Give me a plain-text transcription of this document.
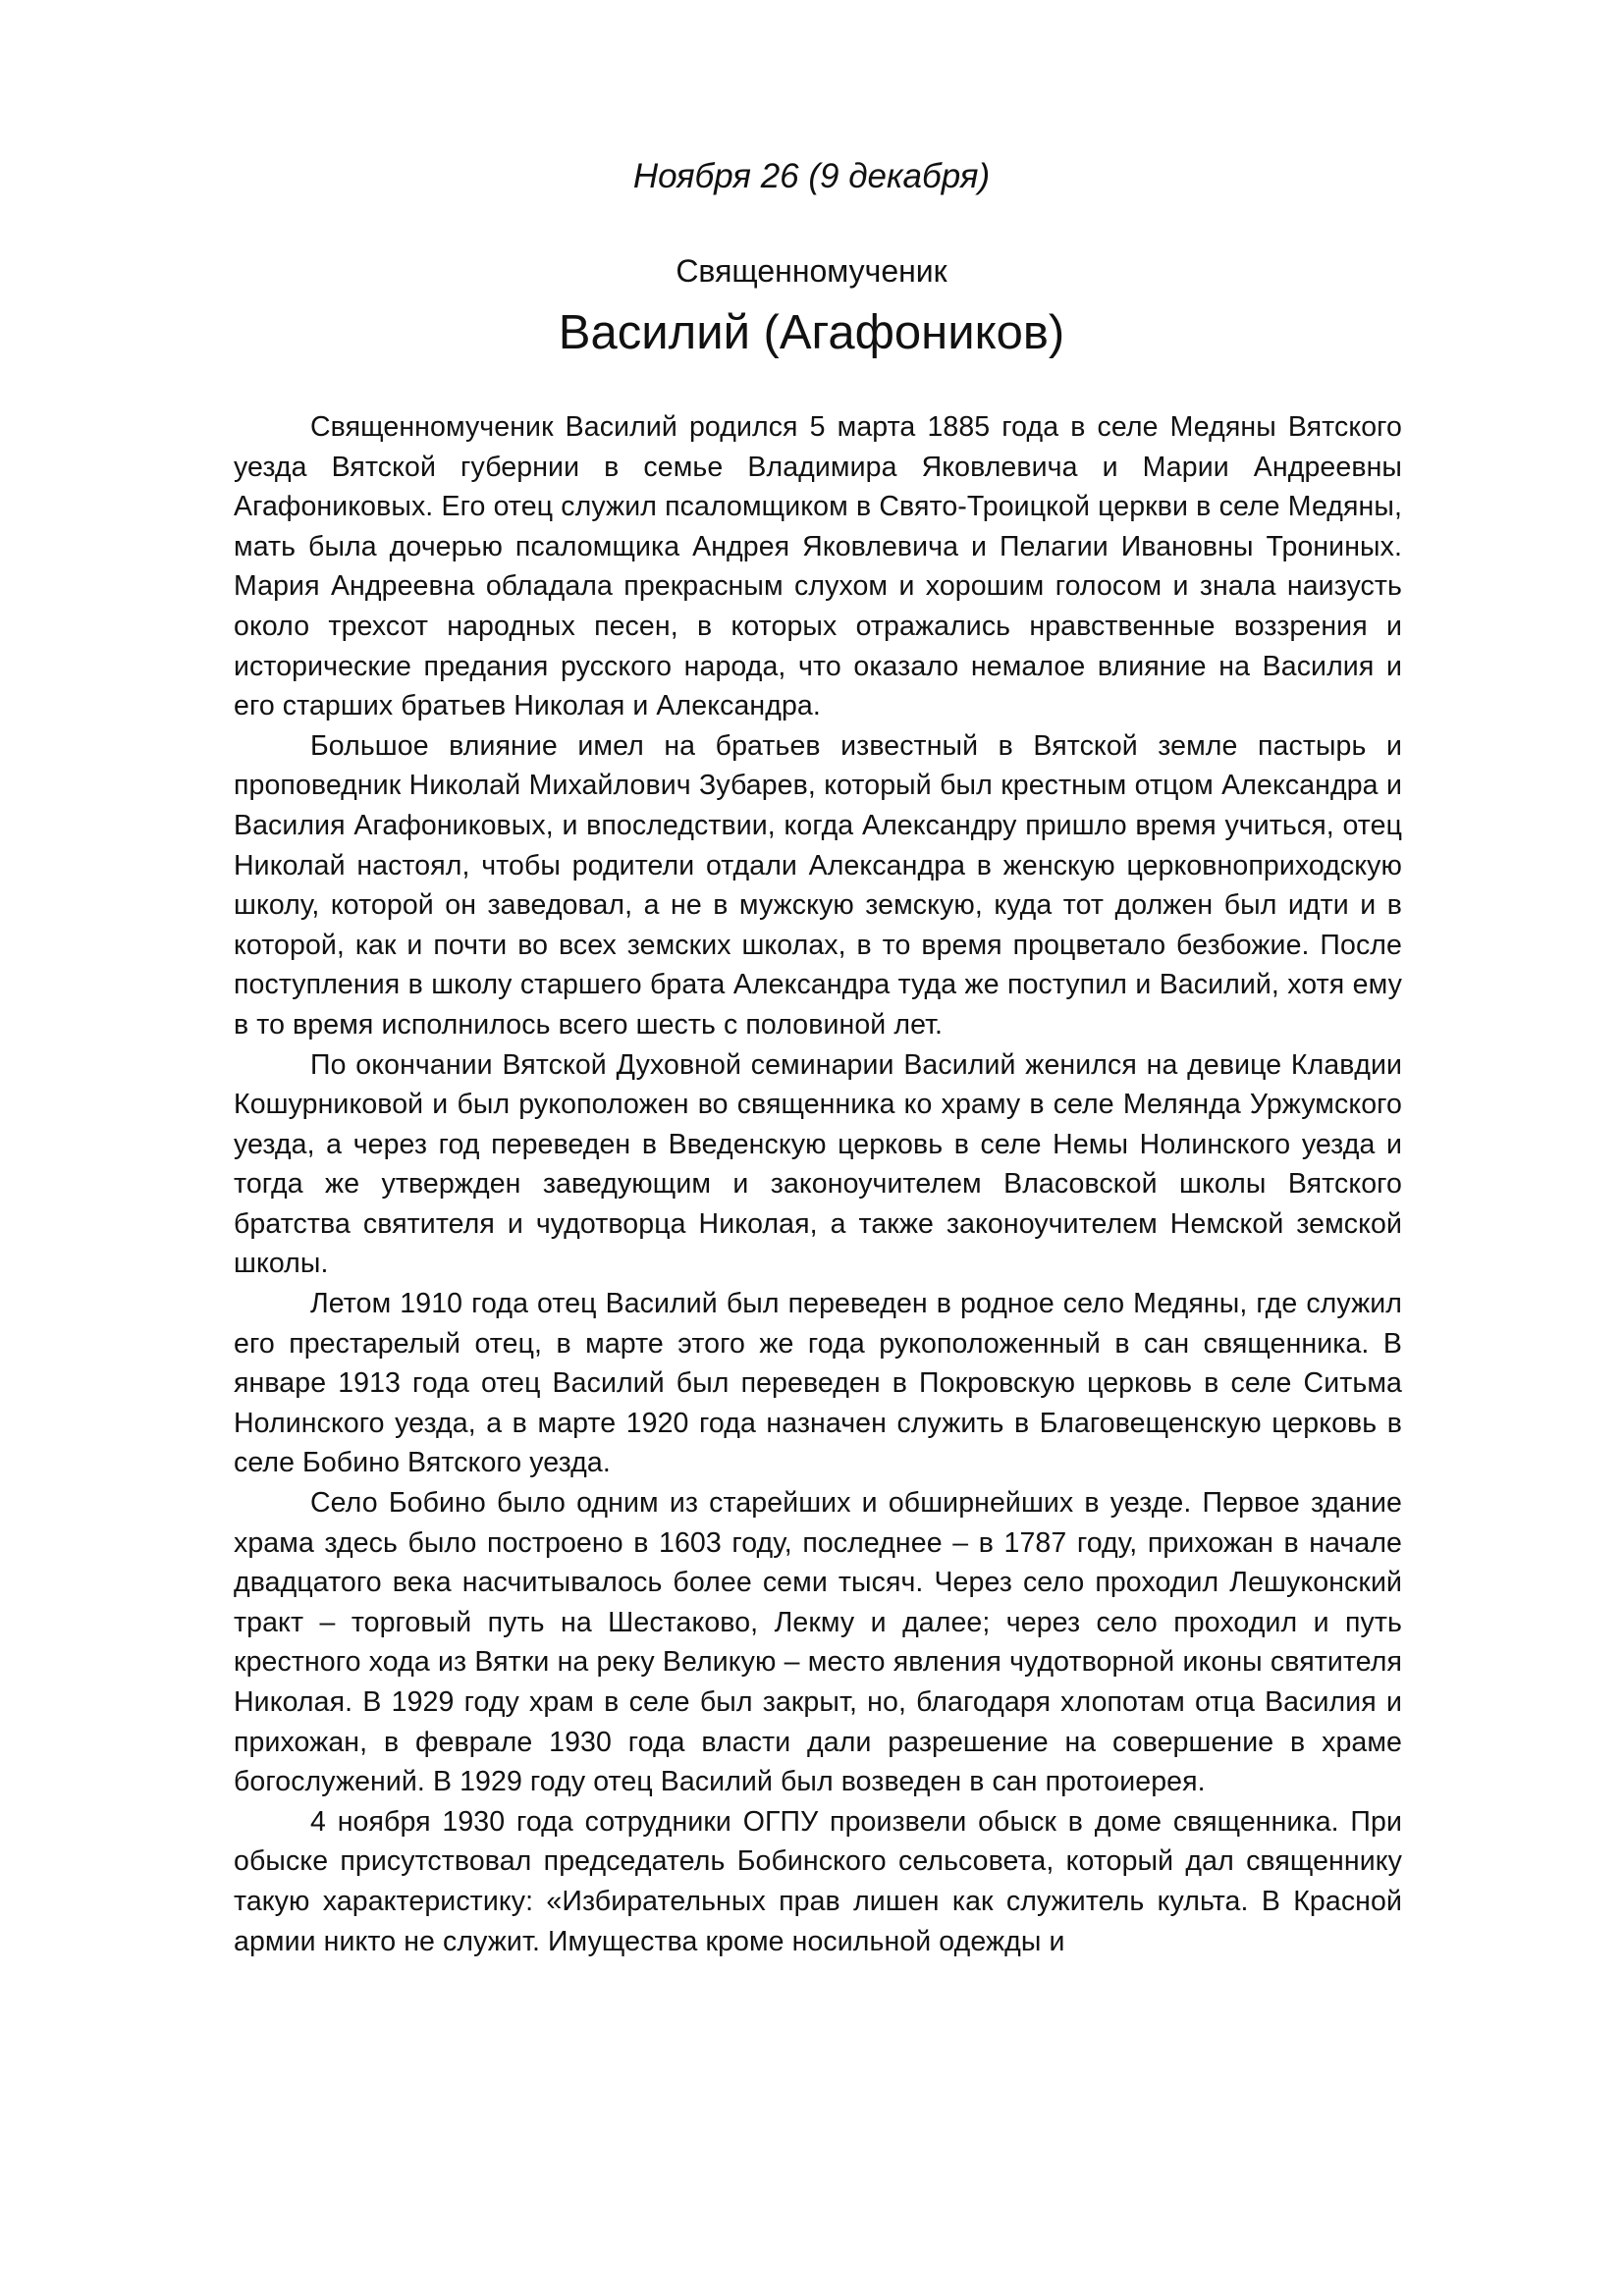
Ноября 26 (9 декабря)
Священномученик
Василий (Агафоников)

Священномученик Василий родился 5 марта 1885 года в селе Медяны Вятского уезда Вятской губернии в семье Владимира Яковлевича и Марии Андреевны Агафониковых. Его отец служил псаломщиком в Свято-Троицкой церкви в селе Медяны, мать была дочерью псаломщика Андрея Яковлевича и Пелагии Ивановны Трониных. Мария Андреевна обладала прекрасным слухом и хорошим голосом и знала наизусть около трехсот народных песен, в которых отражались нравственные воззрения и исторические предания русского народа, что оказало немалое влияние на Василия и его старших братьев Николая и Александра.

Большое влияние имел на братьев известный в Вятской земле пастырь и проповедник Николай Михайлович Зубарев, который был крестным отцом Александра и Василия Агафониковых, и впоследствии, когда Александру пришло время учиться, отец Николай настоял, чтобы родители отдали Александра в женскую церковноприходскую школу, которой он заведовал, а не в мужскую земскую, куда тот должен был идти и в которой, как и почти во всех земских школах, в то время процветало безбожие. После поступления в школу старшего брата Александра туда же поступил и Василий, хотя ему в то время исполнилось всего шесть с половиной лет.

По окончании Вятской Духовной семинарии Василий женился на девице Клавдии Кошурниковой и был рукоположен во священника ко храму в селе Мелянда Уржумского уезда, а через год переведен в Введенскую церковь в селе Немы Нолинского уезда и тогда же утвержден заведующим и законоучителем Власовской школы Вятского братства святителя и чудотворца Николая, а также законоучителем Немской земской школы.

Летом 1910 года отец Василий был переведен в родное село Медяны, где служил его престарелый отец, в марте этого же года рукоположенный в сан священника. В январе 1913 года отец Василий был переведен в Покровскую церковь в селе Ситьма Нолинского уезда, а в марте 1920 года назначен служить в Благовещенскую церковь в селе Бобино Вятского уезда.

Село Бобино было одним из старейших и обширнейших в уезде. Первое здание храма здесь было построено в 1603 году, последнее – в 1787 году, прихожан в начале двадцатого века насчитывалось более семи тысяч. Через село проходил Лешуконский тракт – торговый путь на Шестаково, Лекму и далее; через село проходил и путь крестного хода из Вятки на реку Великую – место явления чудотворной иконы святителя Николая. В 1929 году храм в селе был закрыт, но, благодаря хлопотам отца Василия и прихожан, в феврале 1930 года власти дали разрешение на совершение в храме богослужений. В 1929 году отец Василий был возведен в сан протоиерея.

4 ноября 1930 года сотрудники ОГПУ произвели обыск в доме священника. При обыске присутствовал председатель Бобинского сельсовета, который дал священнику такую характеристику: «Избирательных прав лишен как служитель культа. В Красной армии никто не служит. Имущества кроме носильной одежды и
